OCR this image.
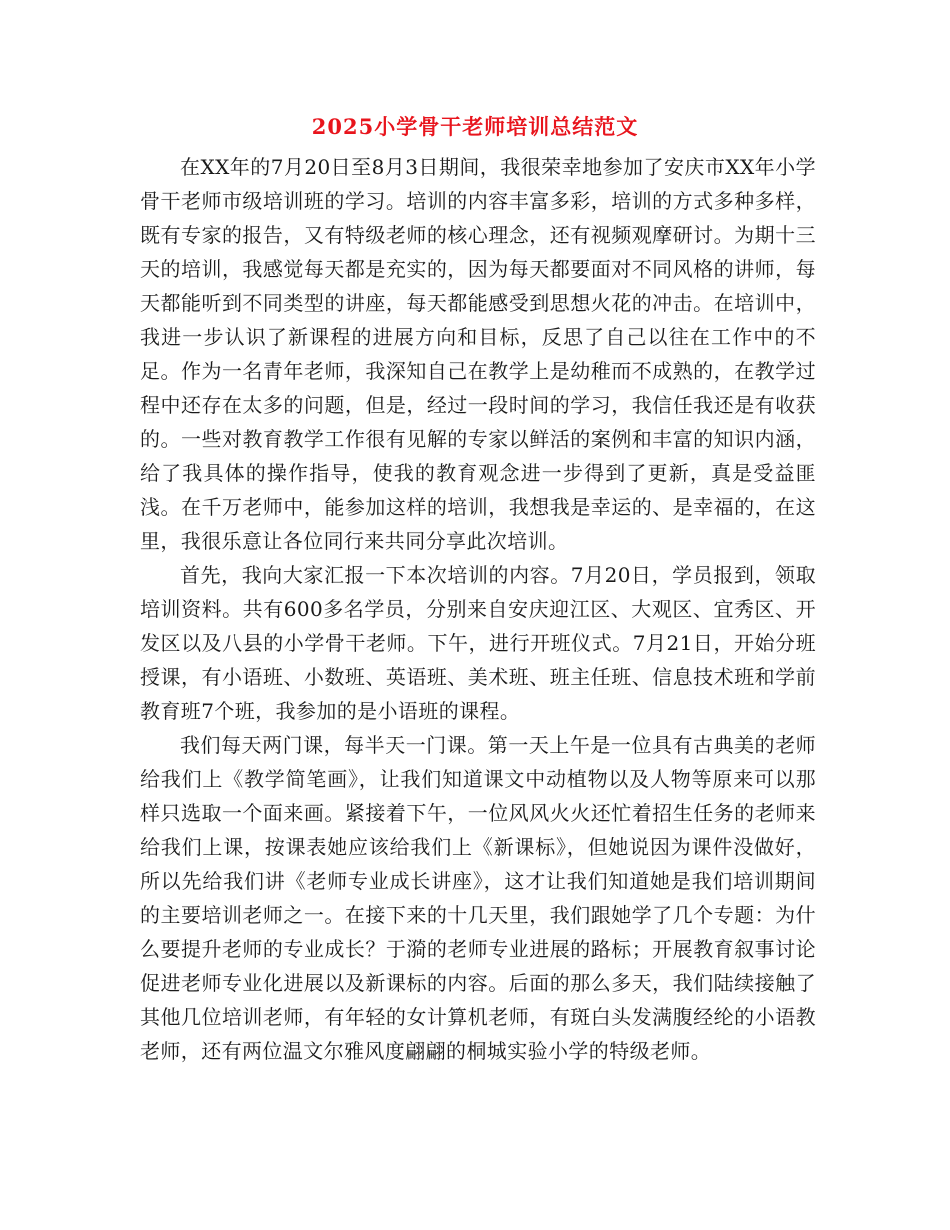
2025小学骨干老师培训总结范文

在XX年的7月20日至8月3日期间，我很荣幸地参加了安庆市XX年小学骨干老师市级培训班的学习。培训的内容丰富多彩，培训的方式多种多样，既有专家的报告，又有特级老师的核心理念，还有视频观摩研讨。为期十三天的培训，我感觉每天都是充实的，因为每天都要面对不同风格的讲师，每天都能听到不同类型的讲座，每天都能感受到思想火花的冲击。在培训中，我进一步认识了新课程的进展方向和目标，反思了自己以往在工作中的不足。作为一名青年老师，我深知自己在教学上是幼稚而不成熟的，在教学过程中还存在太多的问题，但是，经过一段时间的学习，我信任我还是有收获的。一些对教育教学工作很有见解的专家以鲜活的案例和丰富的知识内涵，给了我具体的操作指导，使我的教育观念进一步得到了更新，真是受益匪浅。在千万老师中，能参加这样的培训，我想我是幸运的、是幸福的，在这里，我很乐意让各位同行来共同分享此次培训。

首先，我向大家汇报一下本次培训的内容。7月20日，学员报到，领取培训资料。共有600多名学员，分别来自安庆迎江区、大观区、宜秀区、开发区以及八县的小学骨干老师。下午，进行开班仪式。7月21日，开始分班授课，有小语班、小数班、英语班、美术班、班主任班、信息技术班和学前教育班7个班，我参加的是小语班的课程。

我们每天两门课，每半天一门课。第一天上午是一位具有古典美的老师给我们上《教学简笔画》，让我们知道课文中动植物以及人物等原来可以那样只选取一个面来画。紧接着下午，一位风风火火还忙着招生任务的老师来给我们上课，按课表她应该给我们上《新课标》，但她说因为课件没做好，所以先给我们讲《老师专业成长讲座》，这才让我们知道她是我们培训期间的主要培训老师之一。在接下来的十几天里，我们跟她学了几个专题：为什么要提升老师的专业成长？于漪的老师专业进展的路标；开展教育叙事讨论促进老师专业化进展以及新课标的内容。后面的那么多天，我们陆续接触了其他几位培训老师，有年轻的女计算机老师，有斑白头发满腹经纶的小语教老师，还有两位温文尔雅风度翩翩的桐城实验小学的特级老师。
